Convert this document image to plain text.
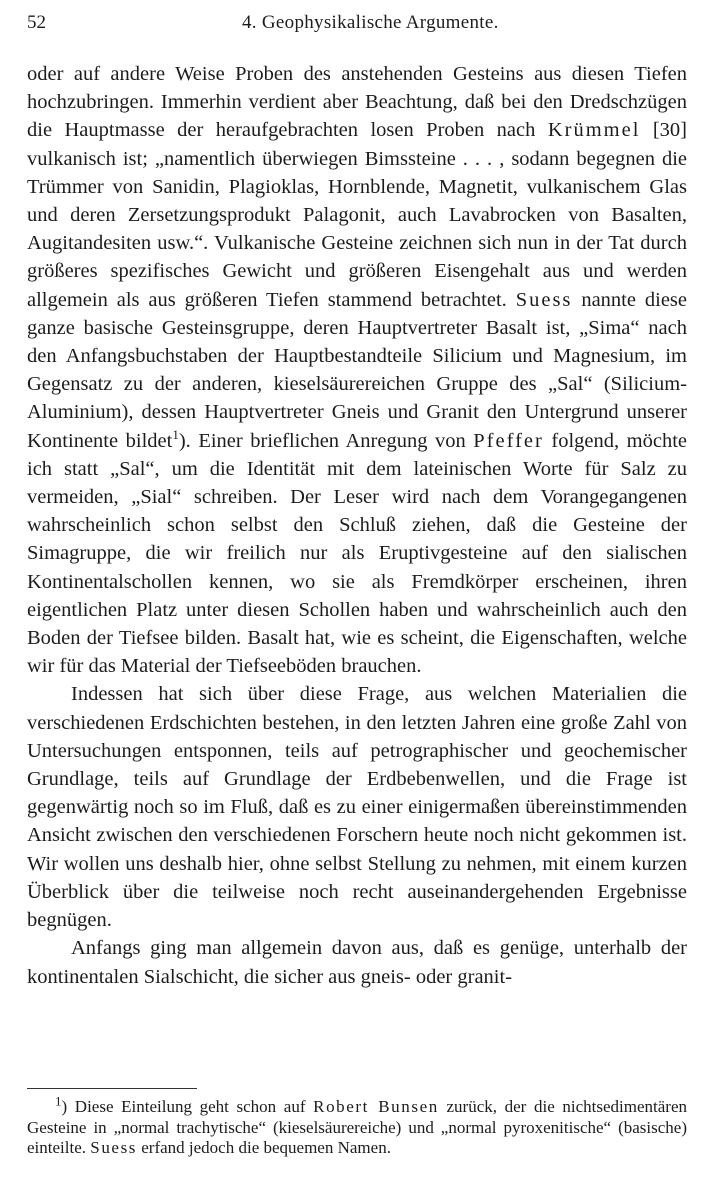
52	4. Geophysikalische Argumente.

oder auf andere Weise Proben des anstehenden Gesteins aus diesen Tiefen hochzubringen. Immerhin verdient aber Beachtung, daß bei den Dredschzügen die Hauptmasse der heraufgebrachten losen Proben nach Krümmel [30] vulkanisch ist; „namentlich überwiegen Bimssteine . . . , sodann begegnen die Trümmer von Sanidin, Plagioklas, Hornblende, Magnetit, vulkanischem Glas und deren Zersetzungsprodukt Palagonit, auch Lavabrocken von Basalten, Augitandesiten usw.“. Vulkanische Gesteine zeichnen sich nun in der Tat durch größeres spezifisches Gewicht und größeren Eisengehalt aus und werden allgemein als aus größeren Tiefen stammend betrachtet. Suess nannte diese ganze basische Gesteinsgruppe, deren Hauptvertreter Basalt ist, „Sima“ nach den Anfangsbuchstaben der Hauptbestandteile Silicium und Magnesium, im Gegensatz zu der anderen, kieselsäurereichen Gruppe des „Sal“ (Silicium-Aluminium), dessen Hauptvertreter Gneis und Granit den Untergrund unserer Kontinente bildet$^1$). Einer brieflichen Anregung von Pfeffer folgend, möchte ich statt „Sal“, um die Identität mit dem lateinischen Worte für Salz zu vermeiden, „Sial“ schreiben. Der Leser wird nach dem Vorangegangenen wahrscheinlich schon selbst den Schluß ziehen, daß die Gesteine der Simagruppe, die wir freilich nur als Eruptivgesteine auf den sialischen Kontinentalschollen kennen, wo sie als Fremdkörper erscheinen, ihren eigentlichen Platz unter diesen Schollen haben und wahrscheinlich auch den Boden der Tiefsee bilden. Basalt hat, wie es scheint, die Eigenschaften, welche wir für das Material der Tiefseeböden brauchen.

Indessen hat sich über diese Frage, aus welchen Materialien die verschiedenen Erdschichten bestehen, in den letzten Jahren eine große Zahl von Untersuchungen entsponnen, teils auf petrographischer und geochemischer Grundlage, teils auf Grundlage der Erdbebenwellen, und die Frage ist gegenwärtig noch so im Fluß, daß es zu einer einigermaßen übereinstimmenden Ansicht zwischen den verschiedenen Forschern heute noch nicht gekommen ist. Wir wollen uns deshalb hier, ohne selbst Stellung zu nehmen, mit einem kurzen Überblick über die teilweise noch recht auseinandergehenden Ergebnisse begnügen.

Anfangs ging man allgemein davon aus, daß es genüge, unterhalb der kontinentalen Sialschicht, die sicher aus gneis- oder granit-

$^1$) Diese Einteilung geht schon auf Robert Bunsen zurück, der die nichtsedimentären Gesteine in „normal trachytische“ (kieselsäurereiche) und „normal pyroxenitische“ (basische) einteilte. Suess erfand jedoch die bequemen Namen.
